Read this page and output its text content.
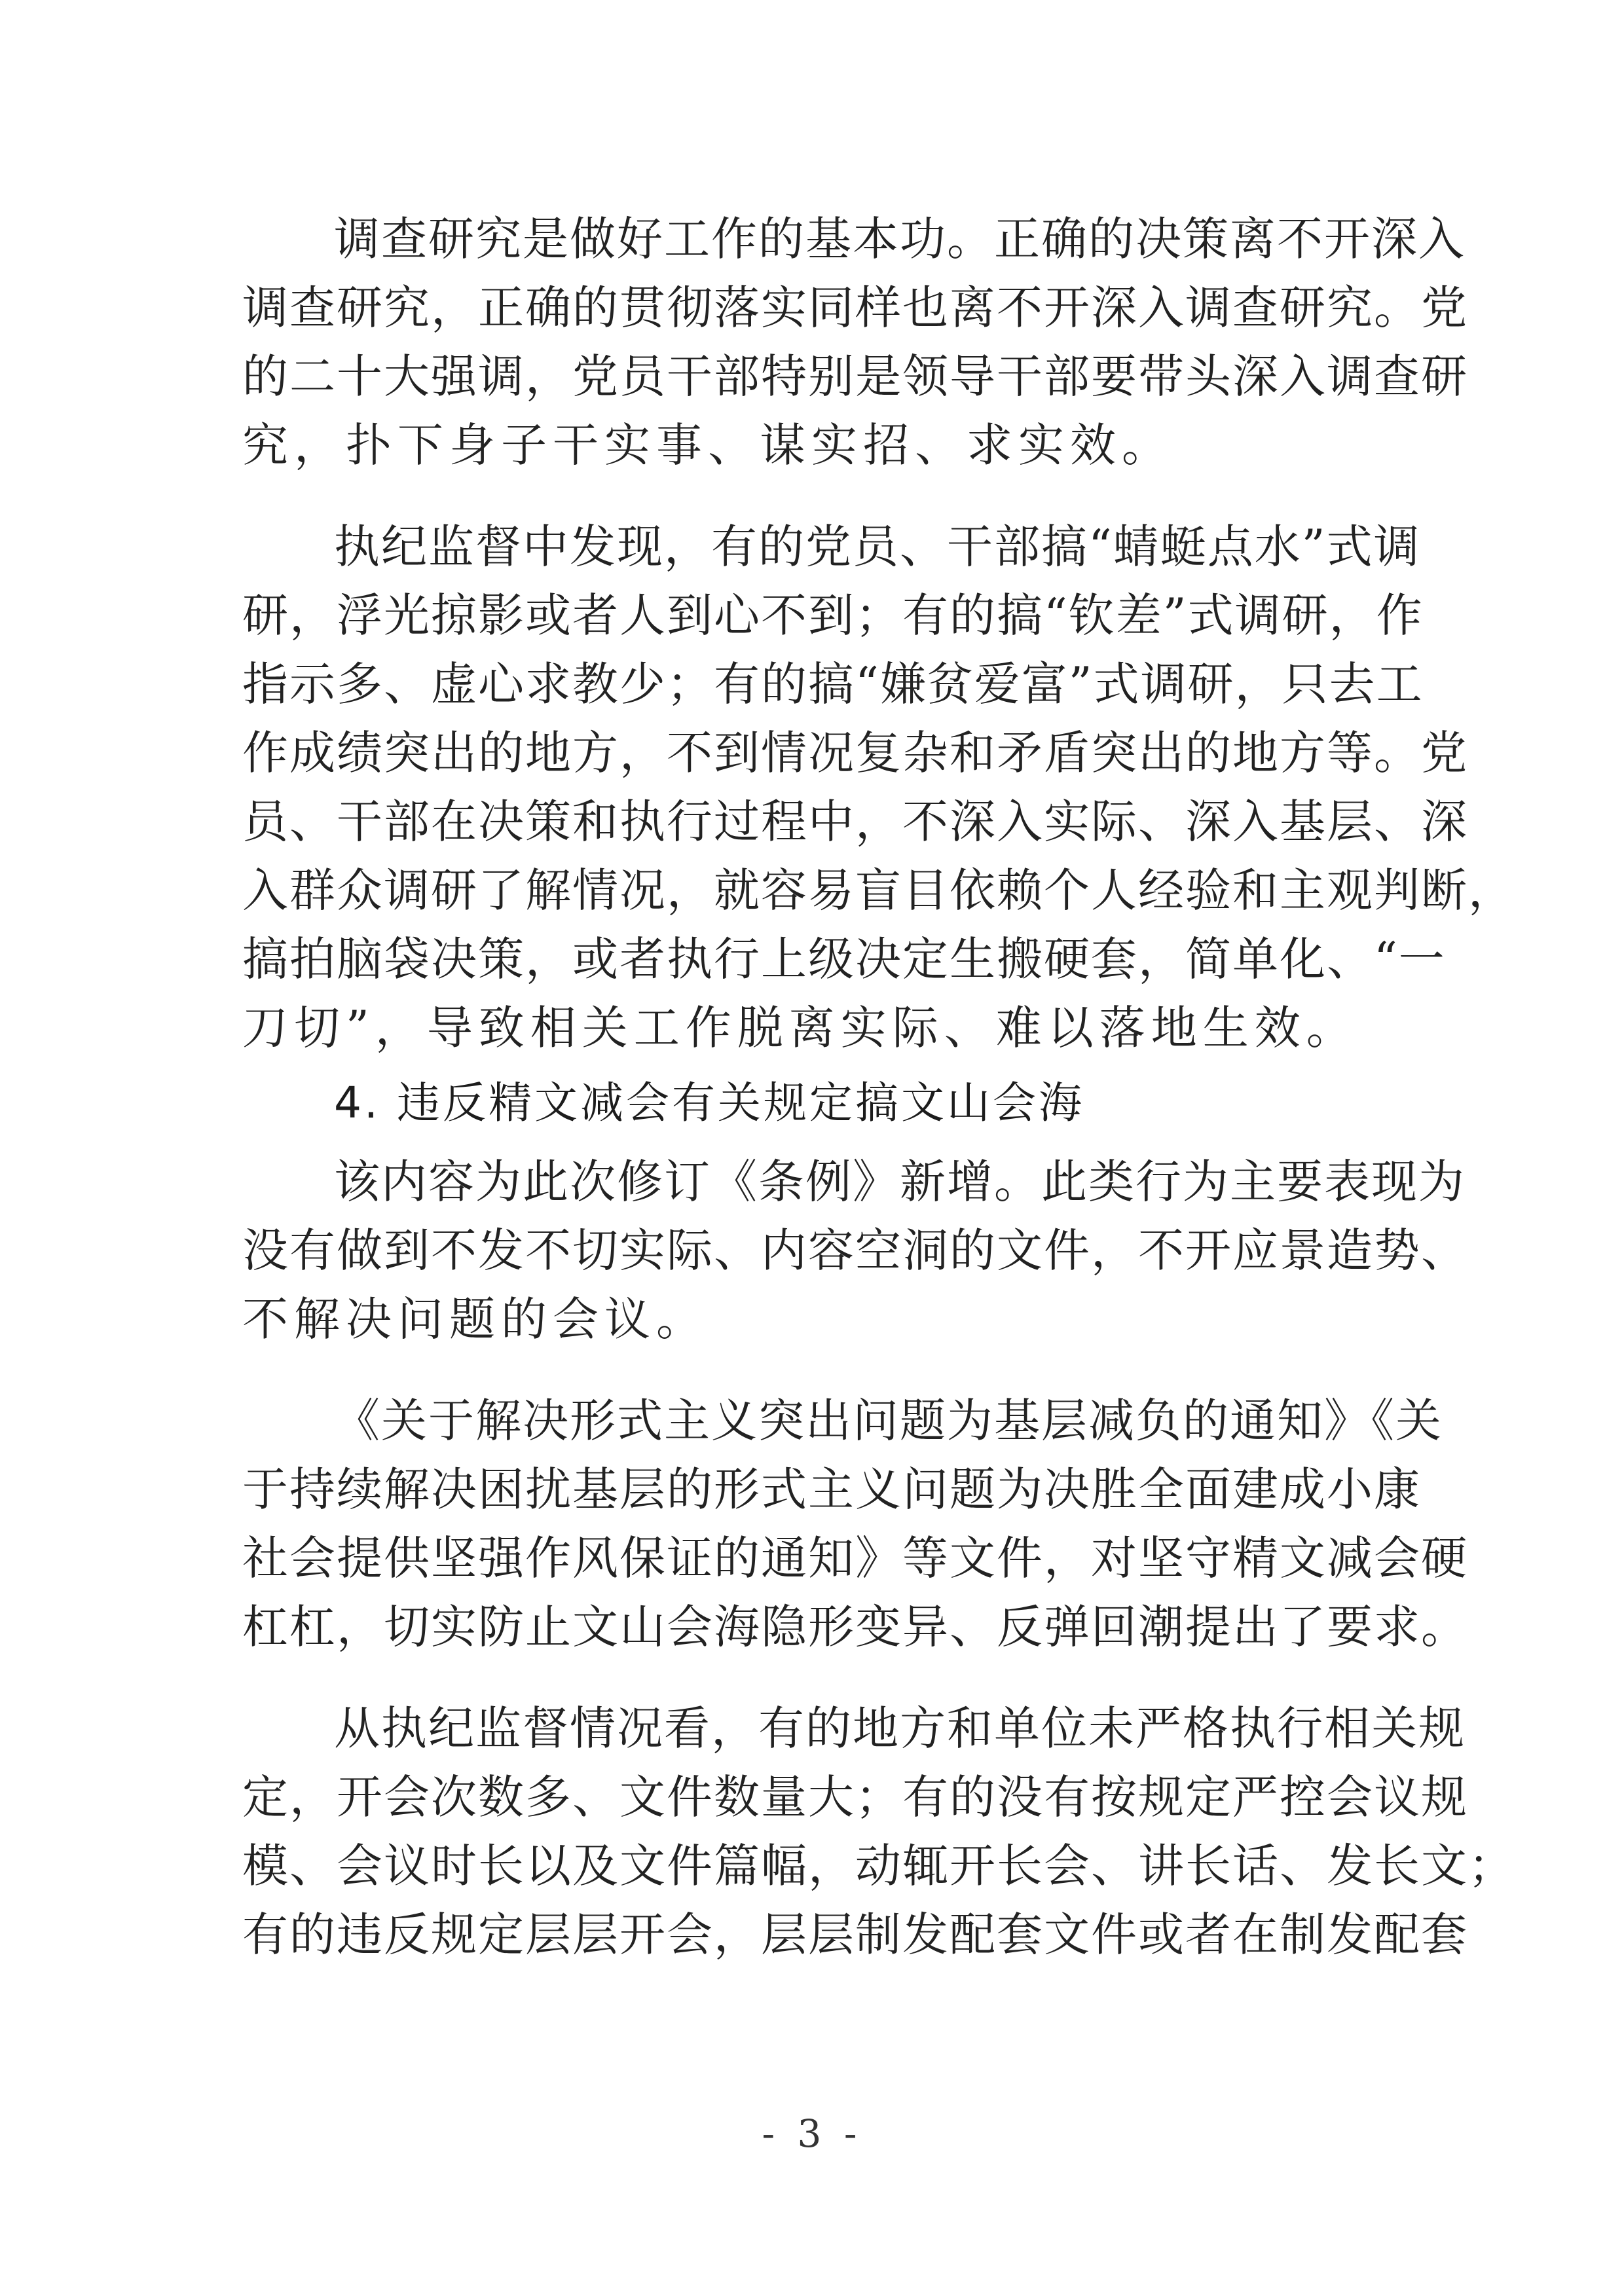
调查研究是做好工作的基本功。正确的决策离不开深入
调查研究，正确的贯彻落实同样也离不开深入调查研究。党
的二十大强调，党员干部特别是领导干部要带头深入调查研
究，扑下身子干实事、谋实招、求实效。
执纪监督中发现，有的党员、干部搞“蜻蜓点水”式调
研，浮光掠影或者人到心不到；有的搞“钦差”式调研，作
指示多、虚心求教少；有的搞“嫌贫爱富”式调研，只去工
作成绩突出的地方，不到情况复杂和矛盾突出的地方等。党
员、干部在决策和执行过程中，不深入实际、深入基层、深
入群众调研了解情况，就容易盲目依赖个人经验和主观判断，
搞拍脑袋决策，或者执行上级决定生搬硬套，简单化、“一
刀切”，导致相关工作脱离实际、难以落地生效。
4. 违反精文减会有关规定搞文山会海
该内容为此次修订《条例》新增。此类行为主要表现为
没有做到不发不切实际、内容空洞的文件，不开应景造势、
不解决问题的会议。
《关于解决形式主义突出问题为基层减负的通知》《关
于持续解决困扰基层的形式主义问题为决胜全面建成小康
社会提供坚强作风保证的通知》等文件，对坚守精文减会硬
杠杠，切实防止文山会海隐形变异、反弹回潮提出了要求。
从执纪监督情况看，有的地方和单位未严格执行相关规
定，开会次数多、文件数量大；有的没有按规定严控会议规
模、会议时长以及文件篇幅，动辄开长会、讲长话、发长文；
有的违反规定层层开会，层层制发配套文件或者在制发配套
- 3 -
